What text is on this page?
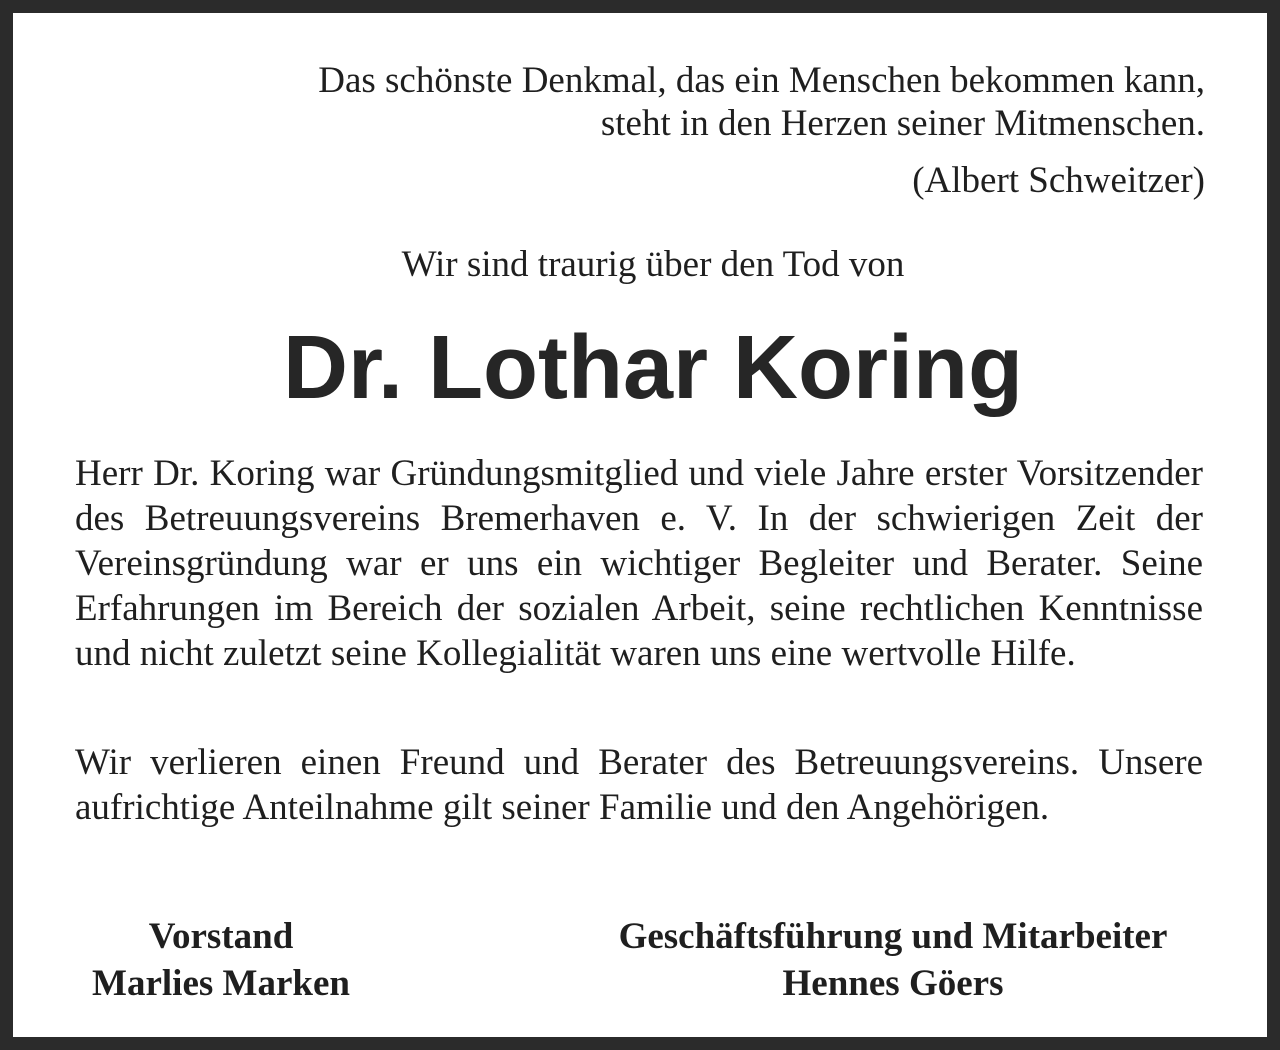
Das schönste Denkmal, das ein Menschen bekommen kann,
steht in den Herzen seiner Mitmenschen.
(Albert Schweitzer)
Wir sind traurig über den Tod von
Dr. Lothar Koring

Herr Dr. Koring war Gründungsmitglied und viele Jahre erster Vorsitzender des Betreuungsvereins Bremerhaven e. V. In der schwierigen Zeit der Vereinsgründung war er uns ein wichtiger Begleiter und Berater. Seine Erfahrungen im Bereich der sozialen Arbeit, seine rechtlichen Kenntnisse und nicht zuletzt seine Kollegialität waren uns eine wertvolle Hilfe.

Wir verlieren einen Freund und Berater des Betreuungsvereins. Unsere aufrichtige Anteilnahme gilt seiner Familie und den Angehörigen.

Vorstand
Marlies Marken
Geschäftsführung und Mitarbeiter
Hennes Göers
